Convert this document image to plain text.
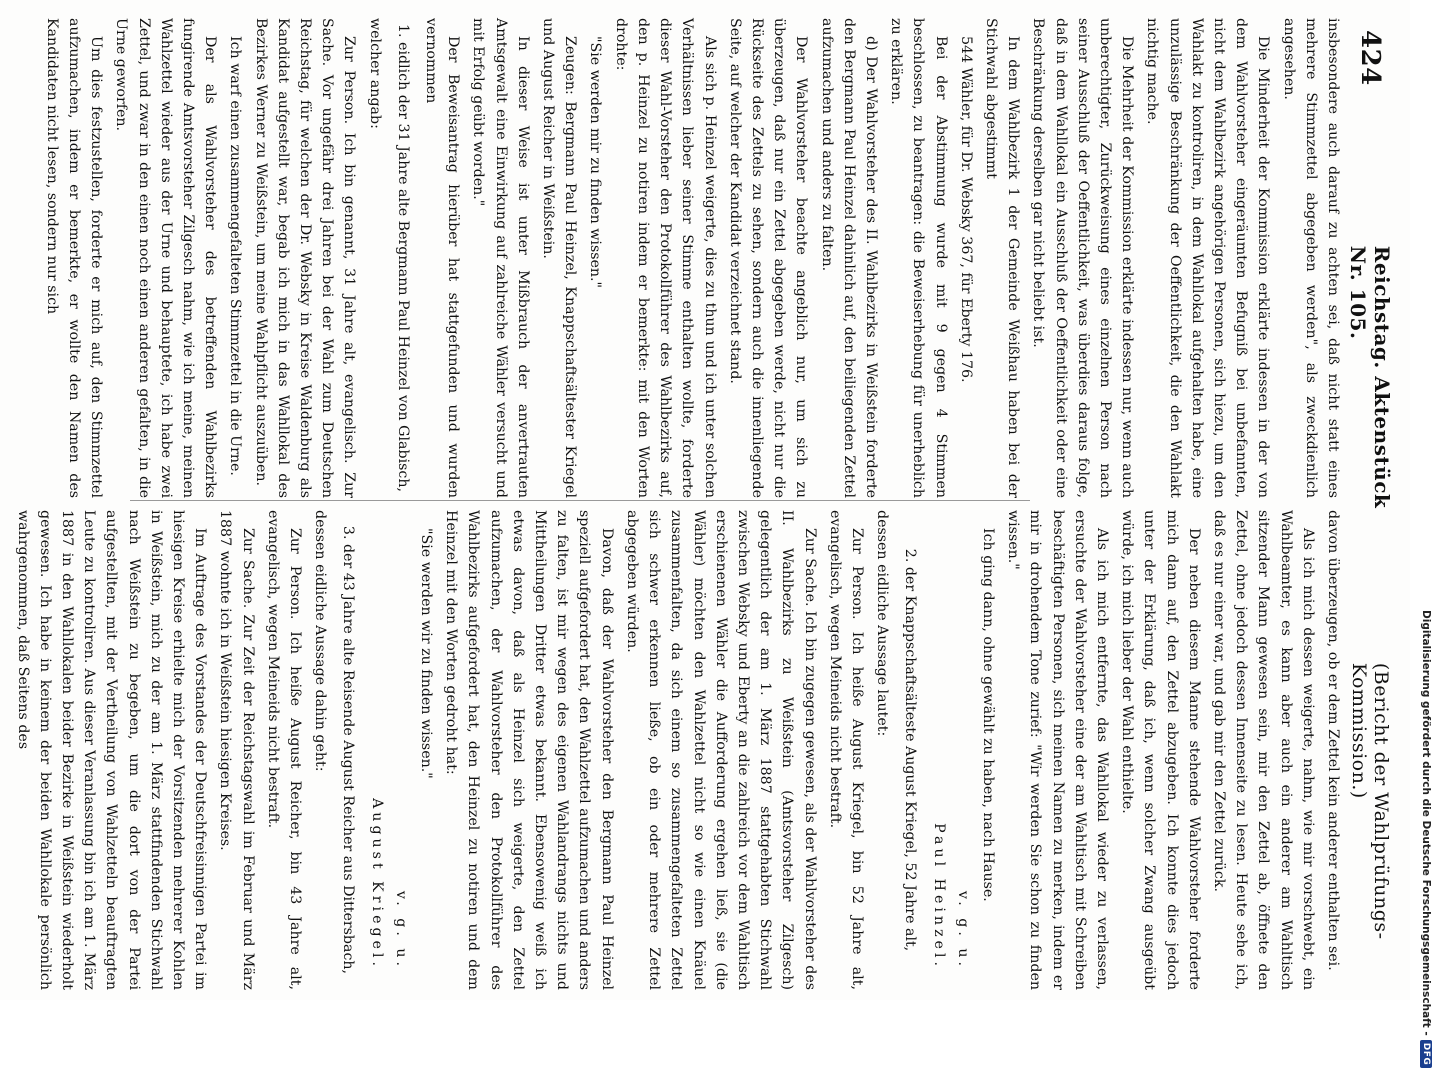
424
Reichstag. Aktenstück Nr. 105.
(Bericht der Wahlprüfungs-Kommission.)

insbesondere auch darauf zu achten sei, daß nicht statt eines mehrere Stimmzettel abgegeben werden", als zweckdienlich angesehen.

Die Minderheit der Kommission erklärte indessen in der von dem Wahlvorsteher eingeräumten Befugniß bei unbefannten, nicht dem Wahlbezirk angehörigen Personen, sich hiezu, um den Wahlakt zu kontroliren, in dem Wahllokal aufgehalten habe, eine unzulässige Beschränkung der Oeffentlichkeit, die den Wahlakt nichtig mache.

Die Mehrheit der Kommission erklärte indessen nur, wenn auch unberechtigter, Zurückweisung eines einzelnen Person nach seiner Ausschluß der Oeffentlichkeit, was überdies daraus folge, daß in dem Wahllokal ein Ausschluß der Oeffentlichkeit oder eine Beschränkung derselben gar nicht beliebt ist.

In dem Wahlbezirk 1 der Gemeinde Weißhau haben bei der Stichwahl abgestimmt

544 Wähler, für Dr. Websky 367, für Eberty 176.

Bei der Abstimmung wurde mit 9 gegen 4 Stimmen beschlossen, zu beantragen: die Beweiserhebung für unerheblich zu erklären.

d) Der Wahlvorsteher des II. Wahlbezirks in Weißstein forderte den Bergmann Paul Heinzel dahinlich auf, den beiliegenden Zettel aufzumachen und anders zu falten.

Der Wahlvorsteher beachte angeblich nur, um sich zu überzeugen, daß nur ein Zettel abgegeben werde, nicht nur die Rückseite des Zettels zu sehen, sondern auch die innenliegende Seite, auf welcher der Kandidat verzeichnet stand.

Als sich p. Heinzel weigerte, dies zu thun und ich unter solchen Verhältnissen lieber seiner Stimme enthalten wollte, forderte dieser Wahl-Vorsteher den Protokollführer des Wahlbezirks auf, den p. Heinzel zu notiren indem er bemerkte: mit den Worten drohte:

"Sie werden mir zu finden wissen."

Zeugen: Bergmann Paul Heinzel, Knappschaftsältester Kriegel und August Reicher in Weißstein.

In dieser Weise ist unter Mißbrauch der anvertrauten Amtsgewalt eine Einwirkung auf zahlreiche Wähler versucht und mit Erfolg geübt worden."

Der Beweisantrag hierüber hat stattgefunden und wurden vernommen

1. eidlich der 31 Jahre alte Bergmann Paul Heinzel von Glabisch,

welcher angab:

Zur Person. Ich bin genannt, 31 Jahre alt, evangelisch. Zur Sache. Vor ungefähr drei Jahren bei der Wahl zum Deutschen Reichstag, für welchen der Dr. Websky in Kreise Waldenburg als Kandidat aufgestellt war, begab ich mich in das Wahllokal des Bezirkes Werner zu Weißstein, um meine Wahlpflicht auszuüben.

Ich warf einen zusammengefalteten Stimmzettel in die Urne.

Der als Wahlvorsteher des betreffenden Wahlbezirks fungirende Amtsvorsteher Zilgesch nahm, wie ich meine, meinen Wahlzettel wieder aus der Urne und behauptete, ich habe zwei Zettel, und zwar in den einen noch einen anderen gefalten, in die Urne geworfen.

Um dies festzustellen, forderte er mich auf, den Stimmzettel aufzumachen, indem er bemerkte, er wollte den Namen des Kandidaten nicht lesen, sondern nur sich

davon überzeugen, ob er dem Zettel kein anderer enthalten sei.

Als ich mich dessen weigerte, nahm, wie mir vorschwebt, ein Wahlbeamter, es kann aber auch ein anderer am Wahltisch sitzender Mann gewesen sein, mir den Zettel ab, öffnete den Zettel, ohne jedoch dessen Innenseite zu lesen. Heute sehe ich, daß es nur einer war, und gab mir den Zettel zurück.

Der neben diesem Manne stehende Wahlvorsteher forderte mich dann auf, den Zettel abzugeben. Ich konnte dies jedoch unter der Erklärung, daß ich, wenn solcher Zwang ausgeübt würde, ich mich lieber der Wahl enthielte.

Als ich mich entfernte, das Wahllokal wieder zu verlassen, ersuchte der Wahlvorsteher eine der am Wahltisch mit Schreiben beschäftigten Personen, sich meinen Namen zu merken, indem er mir in drohendem Tone zurief: "Wir werden Sie schon zu finden wissen."

Ich ging dann, ohne gewählt zu haben, nach Hause.

v. g. u.

Paul Heinzel.

2. der Knappschaftsälteste August Kriegel, 52 Jahre alt,

dessen eidliche Aussage lautet:

Zur Person. Ich heiße August Kriegel, bin 52 Jahre alt, evangelisch, wegen Meineids nicht bestraft.

Zur Sache. Ich bin zugegen gewesen, als der Wahlvorsteher des II. Wahlbezirks zu Weißstein (Amtsvorsteher Zilgesch) gelegentlich der am 1. März 1887 stattgehabten Stichwahl zwischen Websky und Eberty an die zahlreich vor dem Wahltisch erschienenen Wähler die Aufforderung ergehen ließ, sie (die Wähler) möchten den Wahlzettel nicht so wie einen Knäuel zusammenfalten, da sich einem so zusammengefalteten Zettel sich schwer erkennen ließe, ob ein oder mehrere Zettel abgegeben würden.

Davon, daß der Wahlvorsteher den Bergmann Paul Heinzel speziell aufgefordert hat, den Wahlzettel aufzumachen und anders zu falten, ist mir wegen des eigenen Wahlandrangs nichts und Mittheilungen Dritter etwas bekannt. Ebensowenig weiß ich etwas davon, daß als Heinzel sich weigerte, den Zettel aufzumachen, der Wahlvorsteher den Protokollführer des Wahlbezirks aufgefordert hat, den Heinzel zu notiren und dem Heinzel mit den Worten gedroht hat:

"Sie werden wir zu finden wissen."

v. g. u.

August Kriegel.

3. der 43 Jahre alte Reisende August Reicher aus Dittersbach,

dessen eidliche Aussage dahin geht:

Zur Person. Ich heiße August Reicher, bin 43 Jahre alt, evangelisch, wegen Meineids nicht bestraft.

Zur Sache. Zur Zeit der Reichstagswahl im Februar und März 1887 wohnte ich in Weißstein hiesigen Kreises.

Im Auftrage des Vorstandes der Deutschfreisinnigen Partei im hiesigen Kreise erhielte mich der Vorsitzenden mehrerer Kohlen in Weißstein, mich zu der am 1. März stattfindenden Stichwahl nach Weißstein zu begeben, um die dort von der Partei aufgestellten, mit der Vertheilung von Wahlzetteln beauftragten Leute zu kontroliren. Aus dieser Veranlassung bin ich am 1. März 1887 in den Wahllokalen beider Bezirke in Weißstein wiederholt gewesen. Ich habe in keinem der beiden Wahllokale persönlich wahrgenommen, daß Seitens des	Digitalisierung gefördert durch die Deutsche Forschungsgemeinschaft -
DFG
